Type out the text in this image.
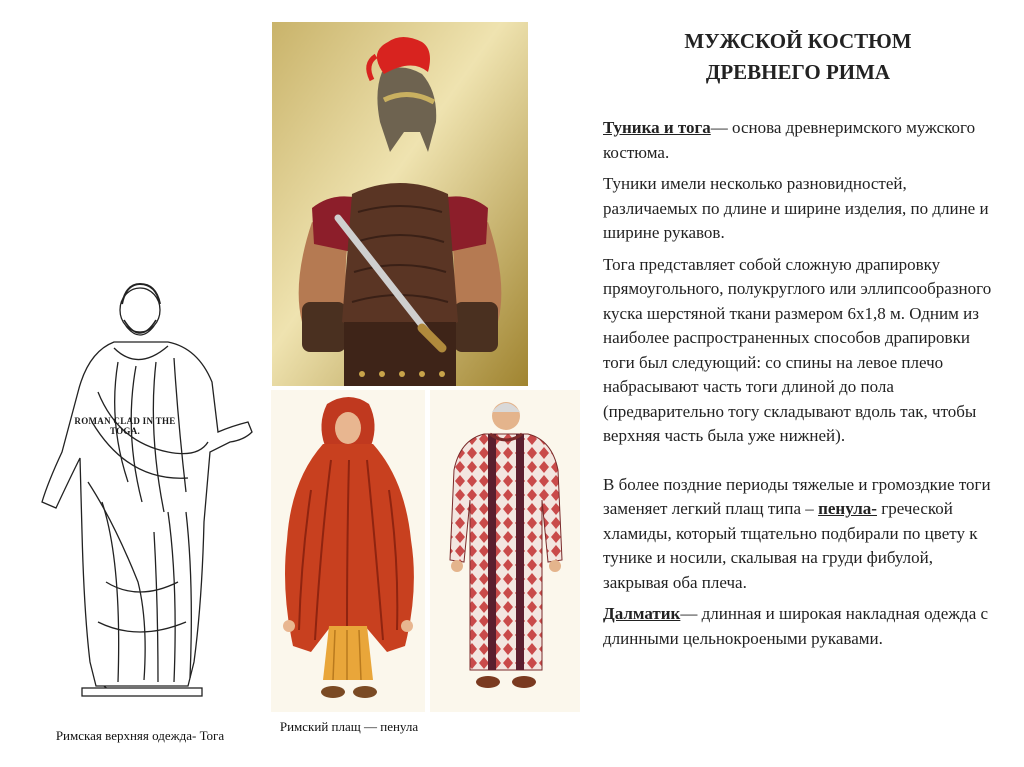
МУЖСКОЙ КОСТЮМ
ДРЕВНЕГО РИМА

Туника и тога— основа древнеримского мужского костюма.

Туники имели несколько разновидностей, различаемых по длине и ширине изделия, по длине и ширине рукавов.

Тога представляет собой сложную драпировку прямоугольного, полукруглого или эллипсообразного куска шерстяной ткани размером 6х1,8 м. Одним из наиболее распространенных способов драпировки тоги был следующий: со спины на левое плечо набрасывают часть тоги длиной до пола (предварительно тогу складывают вдоль так, чтобы верхняя часть была уже нижней).

В более поздние периоды тяжелые и громоздкие тоги заменяет легкий плащ типа – пенула- греческой хламиды, который тщательно подбирали по цвету к тунике и носили, скалывая на груди фибулой, закрывая оба плеча.

Далматик— длинная и широкая накладная одежда с длинными цельнокроеными рукавами.

ROMAN CLAD IN THE TOGA.
Римская верхняя одежда- Тога
Римский плащ — пенула
